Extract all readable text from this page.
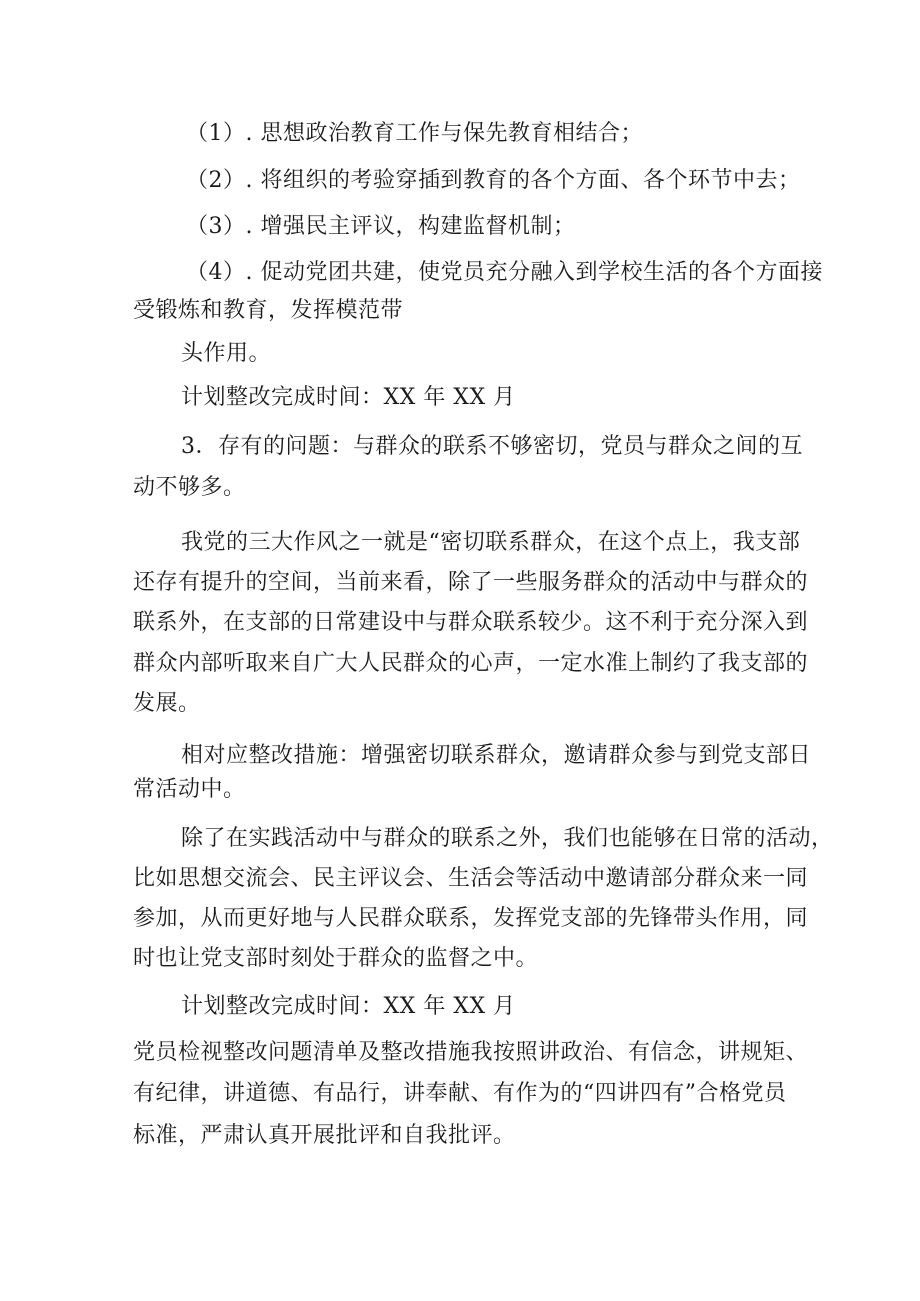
（1）. 思想政治教育工作与保先教育相结合；
（2）. 将组织的考验穿插到教育的各个方面、各个环节中去；
（3）. 增强民主评议，构建监督机制；
（4）. 促动党团共建，使党员充分融入到学校生活的各个方面接
受锻炼和教育，发挥模范带
头作用。
计划整改完成时间：XX 年 XX 月
3．存有的问题：与群众的联系不够密切，党员与群众之间的互
动不够多。
我党的三大作风之一就是“密切联系群众，在这个点上，我支部
还存有提升的空间，当前来看，除了一些服务群众的活动中与群众的
联系外，在支部的日常建设中与群众联系较少。这不利于充分深入到
群众内部听取来自广大人民群众的心声，一定水准上制约了我支部的
发展。
相对应整改措施：增强密切联系群众，邀请群众参与到党支部日
常活动中。
除了在实践活动中与群众的联系之外，我们也能够在日常的活动，
比如思想交流会、民主评议会、生活会等活动中邀请部分群众来一同
参加，从而更好地与人民群众联系，发挥党支部的先锋带头作用，同
时也让党支部时刻处于群众的监督之中。
计划整改完成时间：XX 年 XX 月
党员检视整改问题清单及整改措施我按照讲政治、有信念，讲规矩、
有纪律，讲道德、有品行，讲奉献、有作为的“四讲四有”合格党员
标准，严肃认真开展批评和自我批评。
